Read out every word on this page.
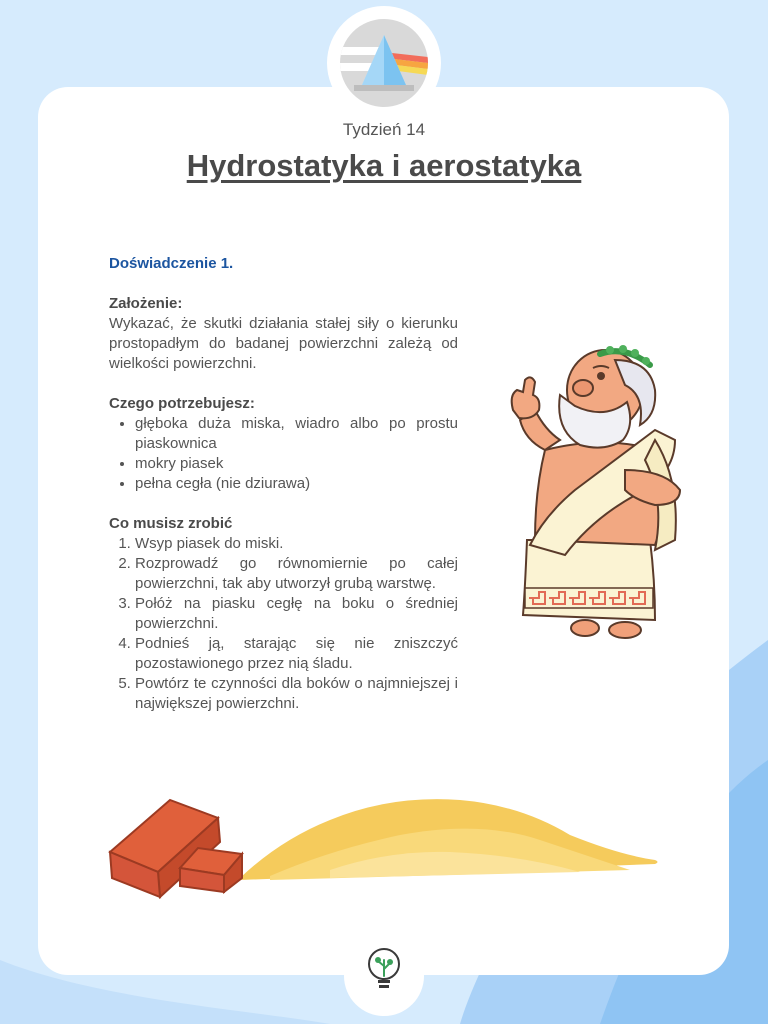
Tydzień 14
Hydrostatyka i aerostatyka
Doświadczenie 1.
Założenie:
Wykazać, że skutki działania stałej siły o kierunku prostopadłym do badanej powierzchni zależą od wielkości powierzchni.
Czego potrzebujesz:
• głęboka duża miska, wiadro albo po prostu piaskownica
• mokry piasek
• pełna cegła (nie dziurawa)
Co musisz zrobić
1. Wsyp piasek do miski.
2. Rozprowadź go równomiernie po całej powierzchni, tak aby utworzył grubą warstwę.
3. Połóż na piasku cegłę na boku o średniej powierzchni.
4. Podnieś ją, starając się nie zniszczyć pozostawionego przez nią śladu.
5. Powtórz te czynności dla boków o najmniejszej i największej powierzchni.
